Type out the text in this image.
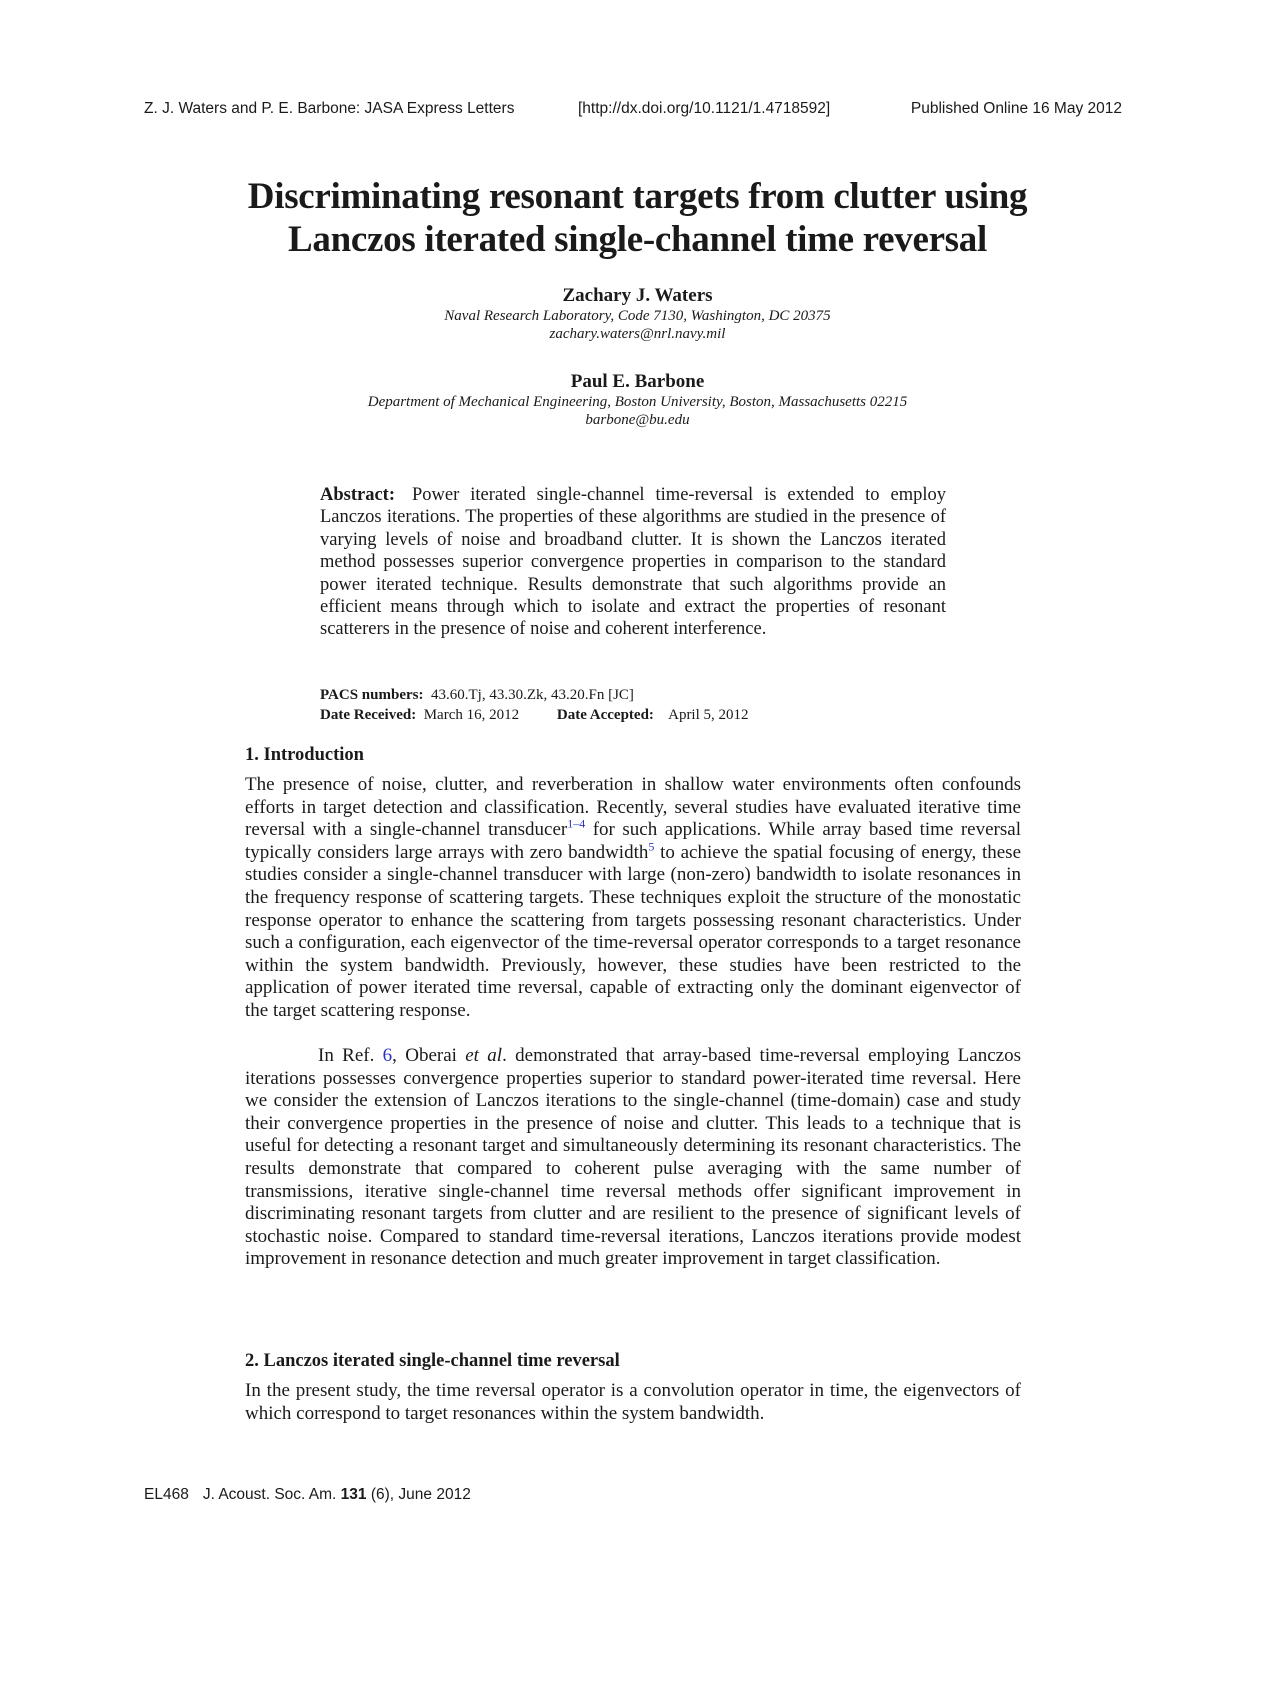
Z. J. Waters and P. E. Barbone: JASA Express Letters	[http://dx.doi.org/10.1121/1.4718592]	Published Online 16 May 2012
Discriminating resonant targets from clutter using
Lanczos iterated single-channel time reversal
Zachary J. Waters
Naval Research Laboratory, Code 7130, Washington, DC 20375
zachary.waters@nrl.navy.mil
Paul E. Barbone
Department of Mechanical Engineering, Boston University, Boston, Massachusetts 02215
barbone@bu.edu
Abstract: Power iterated single-channel time-reversal is extended to employ Lanczos iterations. The properties of these algorithms are studied in the presence of varying levels of noise and broadband clutter. It is shown the Lanczos iterated method possesses superior convergence properties in comparison to the standard power iterated technique. Results demonstrate that such algorithms provide an efficient means through which to isolate and extract the properties of resonant scatterers in the presence of noise and coherent interference.
PACS numbers: 43.60.Tj, 43.30.Zk, 43.20.Fn [JC]
Date Received: March 16, 2012	Date Accepted: April 5, 2012
1. Introduction
The presence of noise, clutter, and reverberation in shallow water environments often confounds efforts in target detection and classification. Recently, several studies have evaluated iterative time reversal with a single-channel transducer$^{1-4}$ for such applications. While array based time reversal typically considers large arrays with zero bandwidth$^5$ to achieve the spatial focusing of energy, these studies consider a single-channel transducer with large (non-zero) bandwidth to isolate resonances in the frequency response of scattering targets. These techniques exploit the structure of the monostatic response operator to enhance the scattering from targets possessing resonant characteristics. Under such a configuration, each eigenvector of the time-reversal operator corresponds to a target resonance within the system bandwidth. Previously, however, these studies have been restricted to the application of power iterated time reversal, capable of extracting only the dominant eigenvector of the target scattering response.
In Ref. 6, Oberai et al. demonstrated that array-based time-reversal employing Lanczos iterations possesses convergence properties superior to standard power-iterated time reversal. Here we consider the extension of Lanczos iterations to the single-channel (time-domain) case and study their convergence properties in the presence of noise and clutter. This leads to a technique that is useful for detecting a resonant target and simultaneously determining its resonant characteristics. The results demonstrate that compared to coherent pulse averaging with the same number of transmissions, iterative single-channel time reversal methods offer significant improvement in discriminating resonant targets from clutter and are resilient to the presence of significant levels of stochastic noise. Compared to standard time-reversal iterations, Lanczos iterations provide modest improvement in resonance detection and much greater improvement in target classification.
2. Lanczos iterated single-channel time reversal
In the present study, the time reversal operator is a convolution operator in time, the eigenvectors of which correspond to target resonances within the system bandwidth.
EL468 J. Acoust. Soc. Am. 131 (6), June 2012
